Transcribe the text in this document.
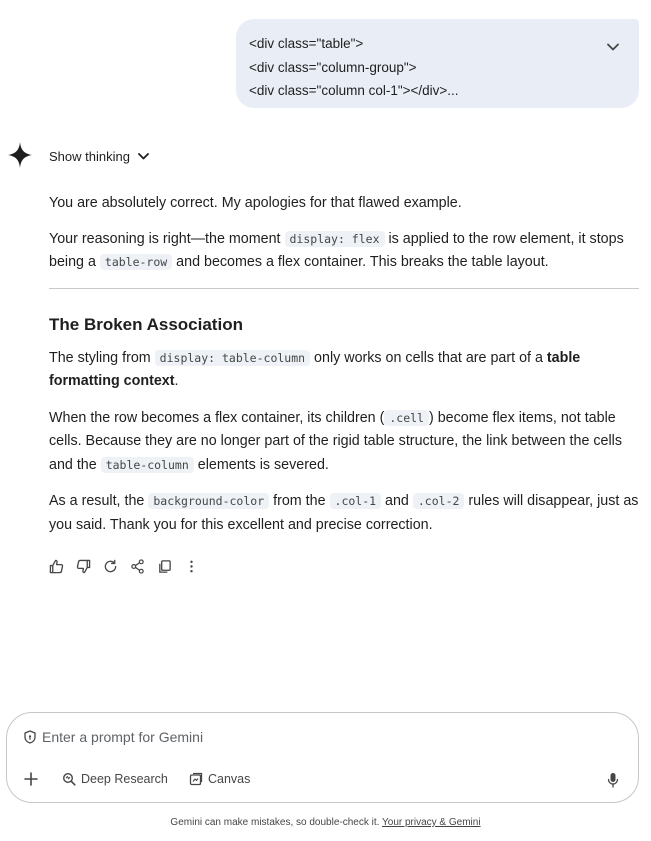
<div class="table">
<div class="column-group">
<div class="column col-1"></div>...
Show thinking

You are absolutely correct. My apologies for that flawed example.

Your reasoning is right—the moment display: flex is applied to the row element, it stops being a table-row and becomes a flex container. This breaks the table layout.

The Broken Association

The styling from display: table-column only works on cells that are part of a table formatting context.

When the row becomes a flex container, its children ( .cell ) become flex items, not table cells. Because they are no longer part of the rigid table structure, the link between the cells and the table-column elements is severed.

As a result, the background-color from the .col-1 and .col-2 rules will disappear, just as you said. Thank you for this excellent and precise correction.

Enter a prompt for Gemini
Deep Research	Canvas
Gemini can make mistakes, so double-check it. Your privacy & Gemini
